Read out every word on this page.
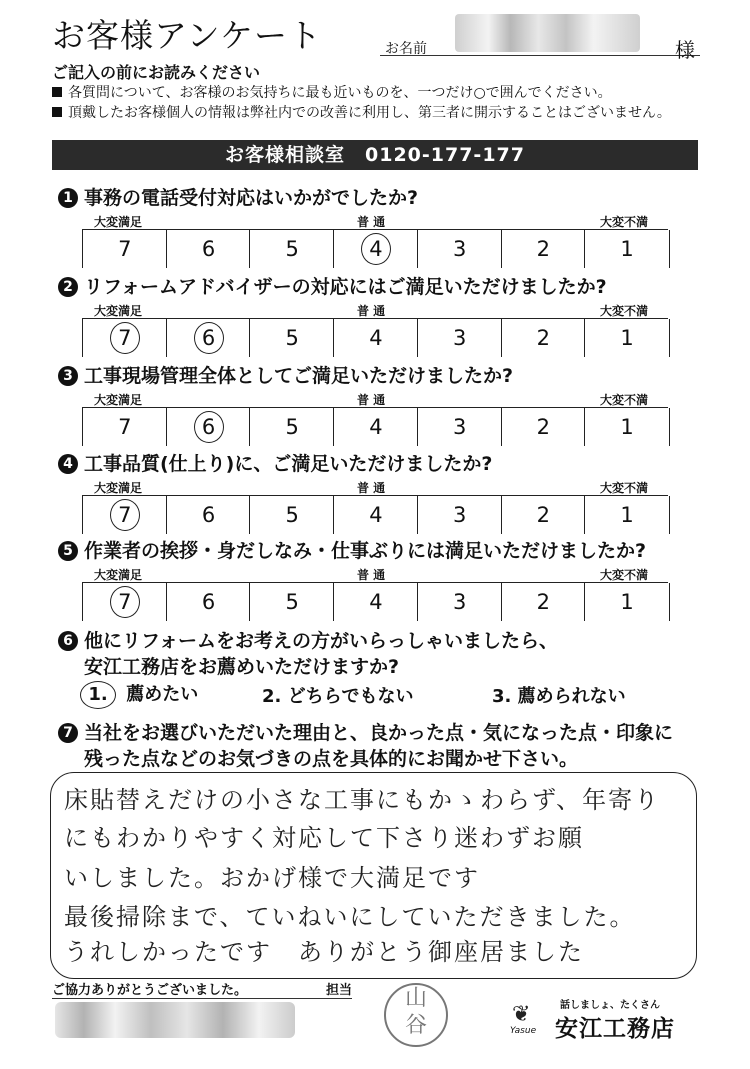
お客様アンケート	お名前	様
ご記入の前にお読みください
各質問について、お客様のお気持ちに最も近いものを、一つだけ○で囲んでください。
頂戴したお客様個人の情報は弊社内での改善に利用し、第三者に開示することはございません。
お客様相談室　0120-177-177
1 事務の電話受付対応はいかがでしたか?
大変満足	普 通	大変不満
7	6	5	4	3	2	1
2 リフォームアドバイザーの対応にはご満足いただけましたか?
大変満足	普 通	大変不満
7	6	5	4	3	2	1
3 工事現場管理全体としてご満足いただけましたか?
大変満足	普 通	大変不満
7	6	5	4	3	2	1
4 工事品質(仕上り)に、ご満足いただけましたか?
大変満足	普 通	大変不満
7	6	5	4	3	2	1
5 作業者の挨拶・身だしなみ・仕事ぶりには満足いただけましたか?
大変満足	普 通	大変不満
7	6	5	4	3	2	1
6 他にリフォームをお考えの方がいらっしゃいましたら、
安江工務店をお薦めいただけますか?
1. 薦めたい	2. どちらでもない	3. 薦められない
7 当社をお選びいただいた理由と、良かった点・気になった点・印象に
残った点などのお気づきの点を具体的にお聞かせ下さい。
床貼替えだけの小さな工事にもかゝわらず、年寄り
にもわかりやすく対応して下さり迷わずお願
いしました。おかげ様で大満足です
最後掃除まで、ていねいにしていただきました。
うれしかったです　ありがとう御座居ました
ご協力ありがとうございました。	担当	山
谷	❦
Yasue
話しましょ、たくさん
安江工務店
